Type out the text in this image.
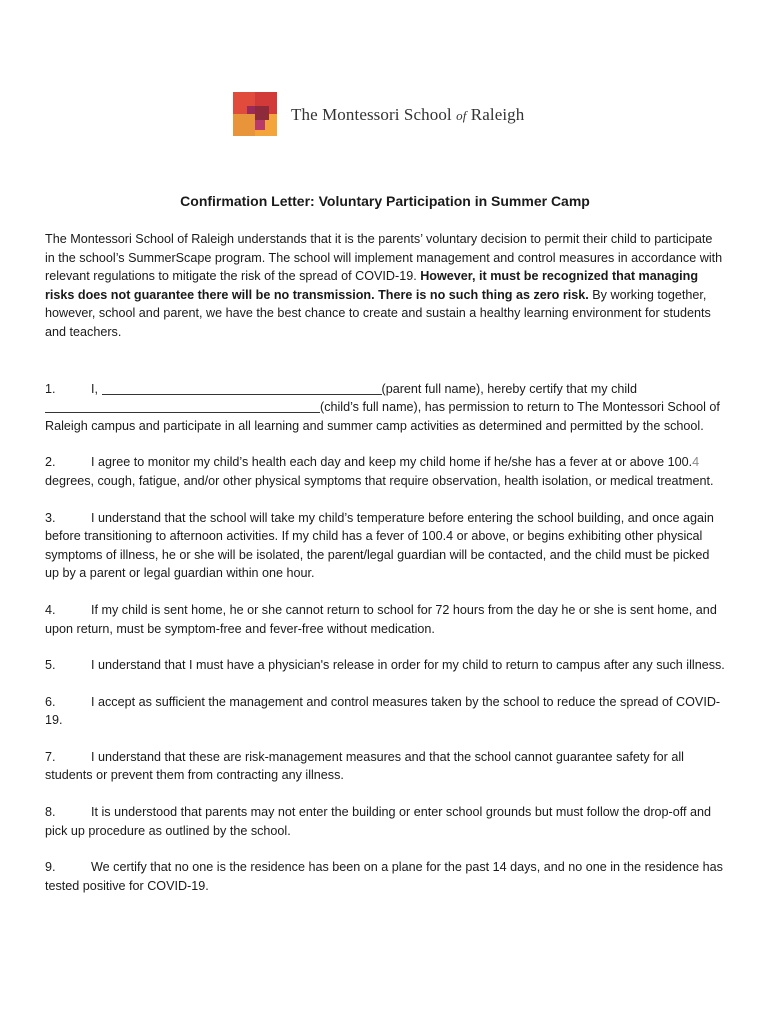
The Montessori School of Raleigh
Confirmation Letter: Voluntary Participation in Summer Camp

The Montessori School of Raleigh understands that it is the parents’ voluntary decision to permit their child to participate in the school’s SummerScape program. The school will implement management and control measures in accordance with relevant regulations to mitigate the risk of the spread of COVID-19. However, it must be recognized that managing risks does not guarantee there will be no transmission. There is no such thing as zero risk. By working together, however, school and parent, we have the best chance to create and sustain a healthy learning environment for students and teachers.

1.	I,	(parent full name), hereby certify that my child
(child’s full name), has permission to return to The Montessori School of Raleigh campus and participate in all learning and summer camp activities as determined and permitted by the school.

2.	I agree to monitor my child’s health each day and keep my child home if he/she has a fever at or above 100.4 degrees, cough, fatigue, and/or other physical symptoms that require observation, health isolation, or medical treatment.

3.	I understand that the school will take my child’s temperature before entering the school building, and once again before transitioning to afternoon activities. If my child has a fever of 100.4 or above, or begins exhibiting other physical symptoms of illness, he or she will be isolated, the parent/legal guardian will be contacted, and the child must be picked up by a parent or legal guardian within one hour.

4.	If my child is sent home, he or she cannot return to school for 72 hours from the day he or she is sent home, and upon return, must be symptom-free and fever-free without medication.

5.	I understand that I must have a physician's release in order for my child to return to campus after any such illness.

6.	I accept as sufficient the management and control measures taken by the school to reduce the spread of COVID-19.

7.	I understand that these are risk-management measures and that the school cannot guarantee safety for all students or prevent them from contracting any illness.

8.	It is understood that parents may not enter the building or enter school grounds but must follow the drop-off and pick up procedure as outlined by the school.

9.	We certify that no one is the residence has been on a plane for the past 14 days, and no one in the residence has tested positive for COVID-19.
